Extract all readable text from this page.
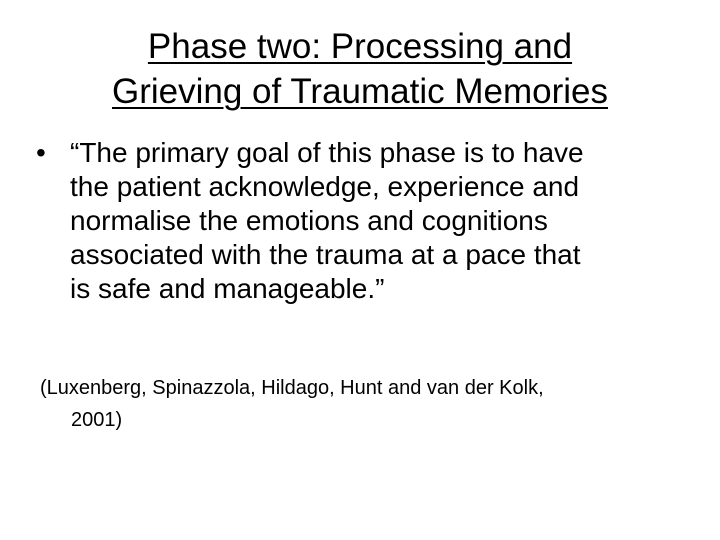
Phase two: Processing and
Grieving of Traumatic Memories
• “The primary goal of this phase is to have
the patient acknowledge, experience and
normalise the emotions and cognitions
associated with the trauma at a pace that
is safe and manageable.”
(Luxenberg, Spinazzola, Hildago, Hunt and van der Kolk,
2001)
